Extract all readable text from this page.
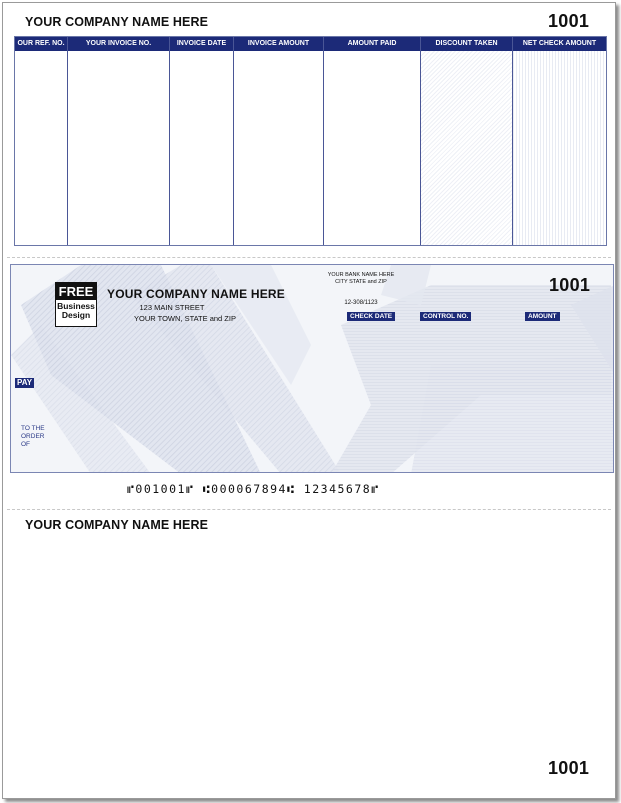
YOUR COMPANY NAME HERE	1001
OUR REF. NO.	YOUR INVOICE NO.	INVOICE DATE	INVOICE AMOUNT	AMOUNT PAID	DISCOUNT TAKEN	NET CHECK AMOUNT
FREE
Business
Design
YOUR COMPANY NAME HERE
123 MAIN STREET
YOUR TOWN, STATE and ZIP
YOUR BANK NAME HERE
CITY STATE and ZIP
12-308/1123
1001
CHECK DATE	CONTROL NO.	AMOUNT
PAY
TO THE
ORDER
OF
⑈001001⑈ ⑆000067894⑆ 12345678⑈
YOUR COMPANY NAME HERE
1001
